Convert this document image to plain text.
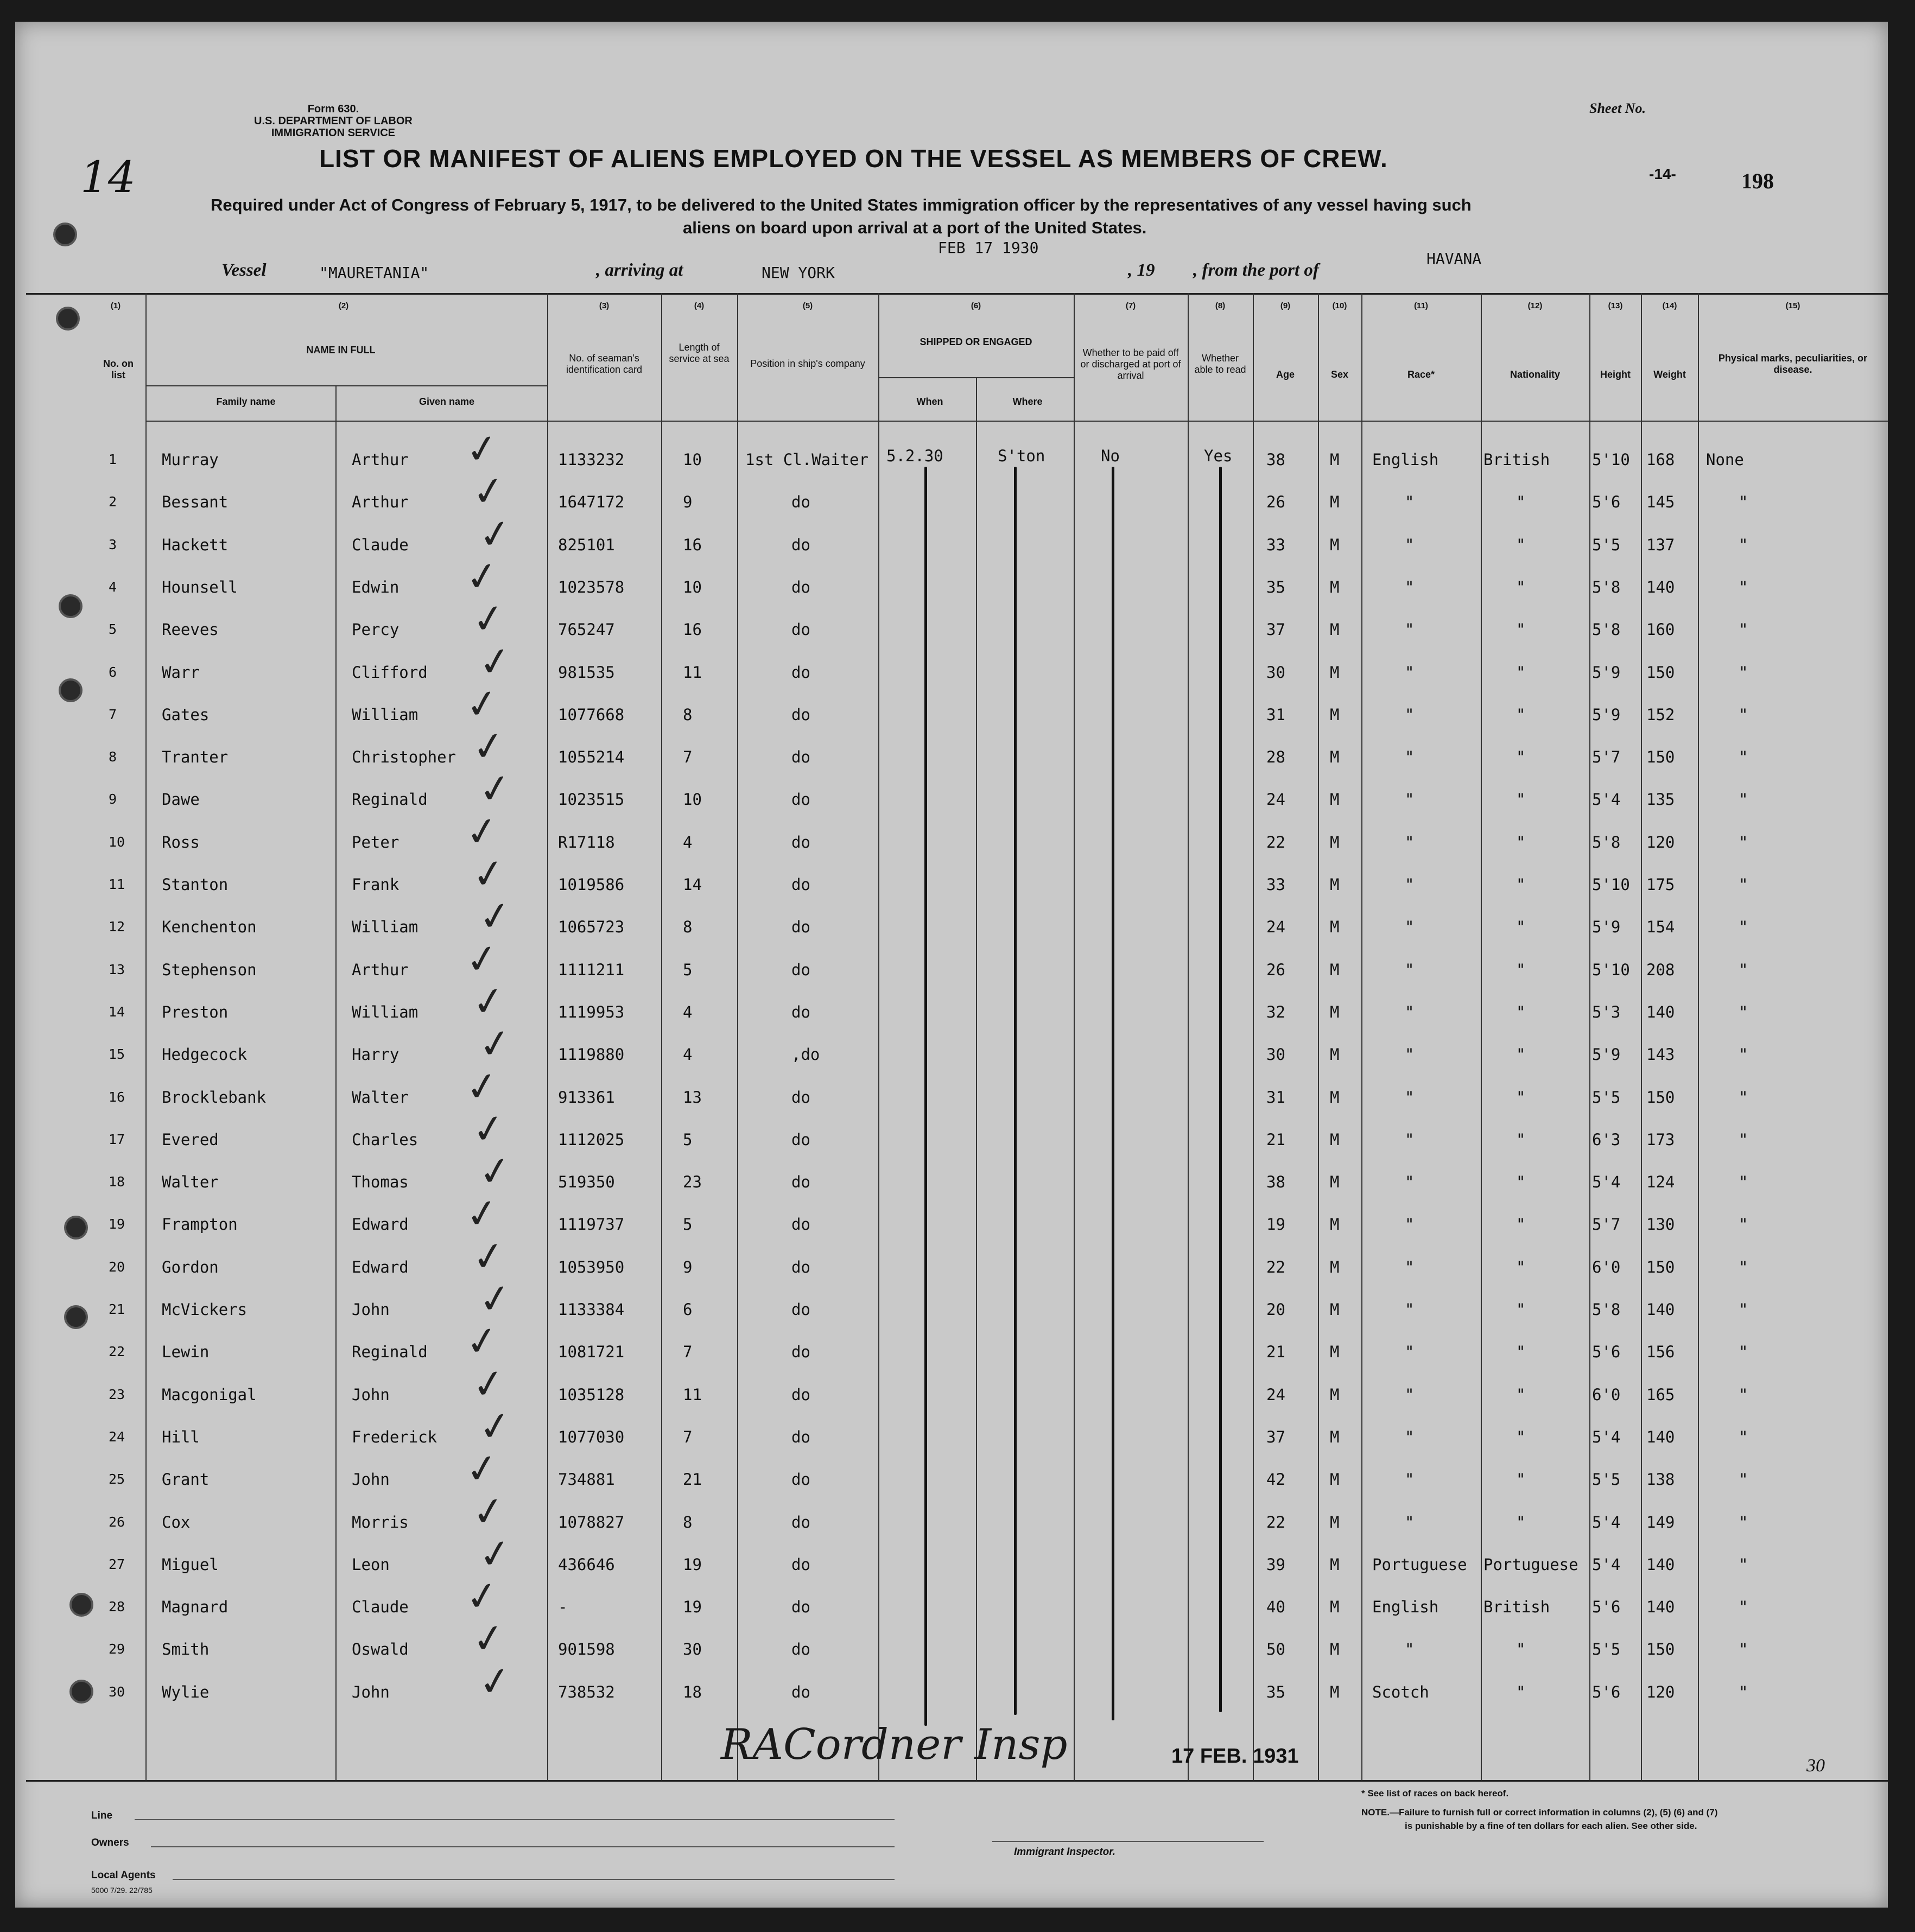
14
Form 630.
U.S. DEPARTMENT OF LABOR
IMMIGRATION SERVICE
Sheet No.
-14-	198
LIST OR MANIFEST OF ALIENS EMPLOYED ON THE VESSEL AS MEMBERS OF CREW.
Required under Act of Congress of February 5, 1917, to be delivered to the United States immigration officer by the representatives of any vessel having such
aliens on board upon arrival at a port of the United States.
Vessel	"MAURETANIA"	, arriving at	NEW YORK
FEB 17 1930
, 19 , from the port of
HAVANA
(1)	(2)	(3)	(4)	(5)	(6)	(7)	(8)	(9)	(10)	(11)	(12)	(13)	(14)	(15)
No. on list
NAME IN FULL
Family name	Given name
No. of seaman's identification card
Length of service at sea	Position in ship's company
SHIPPED OR ENGAGED
When	Where
Whether to be paid off or discharged at port of arrival
Whether able to read	Age	Sex	Race*	Nationality	Height	Weight
Physical marks, peculiarities, or disease.
1	Murray	Arthur	1133232	10	1st Cl.Waiter	38	M English	British	5'10 168 None
✓
2	Bessant	Arthur	1647172	9	do	26	M	"	"	5'6 145	"
✓
3	Hackett	Claude	825101	16	do	33	M	"	"	5'5 137	"
✓
4	Hounsell	Edwin	1023578	10	do	35	M	"	"	5'8 140	"
✓
5	Reeves	Percy	765247	16	do	37	M	"	"	5'8 160	"
✓
6	Warr	Clifford	981535	11	do	30	M	"	"	5'9 150	"
✓
7	Gates	William	1077668	8	do	31	M	"	"	5'9 152	"
✓
8	Tranter	Christopher	1055214	7	do	28	M	"	"	5'7 150	"
✓
9	Dawe	Reginald	1023515	10	do	24	M	"	"	5'4 135	"
✓
10 Ross	Peter	R17118	4	do	22	M	"	"	5'8 120	"
✓
11 Stanton	Frank	1019586	14	do	33	M	"	"	5'10 175	"
✓
12 Kenchenton	William	1065723	8	do	24	M	"	"	5'9 154	"
✓
13 Stephenson	Arthur	1111211	5	do	26	M	"	"	5'10 208	"
✓
14 Preston	William	1119953	4	do	32	M	"	"	5'3 140	"
✓
15 Hedgecock	Harry	1119880	4	,do	30	M	"	"	5'9 143	"
✓
16 Brocklebank	Walter	913361	13	do	31	M	"	"	5'5 150	"
✓
17 Evered	Charles	1112025	5	do	21	M	"	"	6'3 173	"
✓
18 Walter	Thomas	519350	23	do	38	M	"	"	5'4 124	"
✓
19 Frampton	Edward	1119737	5	do	19	M	"	"	5'7 130	"
✓
20 Gordon	Edward	1053950	9	do	22	M	"	"	6'0 150	"
✓
21 McVickers	John	1133384	6	do	20	M	"	"	5'8 140	"
✓
22 Lewin	Reginald	1081721	7	do	21	M	"	"	5'6 156	"
✓
23 Macgonigal	John	1035128	11	do	24	M	"	"	6'0 165	"
✓
24 Hill	Frederick	1077030	7	do	37	M	"	"	5'4 140	"
✓
25 Grant	John	734881	21	do	42	M	"	"	5'5 138	"
✓
26 Cox	Morris	1078827	8	do	22	M	"	"	5'4 149	"
✓
27 Miguel	Leon	436646	19	do	39	M Portuguese Portuguese 5'4 140	"
✓
28 Magnard	Claude	-	19	do	40	M English	British	5'6 140	"
✓
29 Smith	Oswald	901598	30	do	50	M	"	"	5'5 150	"
✓
30 Wylie	John	738532	18	do	35	M Scotch	"	5'6 120	"
✓
5.2.30	S'ton	No	Yes
RACordner Insp	17 FEB. 1931	30
Line
Owners
Local Agents
5000 7/29. 22/785
Immigrant Inspector.
* See list of races on back hereof.
NOTE.—Failure to furnish full or correct information in columns (2), (5) (6) and (7)
is punishable by a fine of ten dollars for each alien. See other side.
